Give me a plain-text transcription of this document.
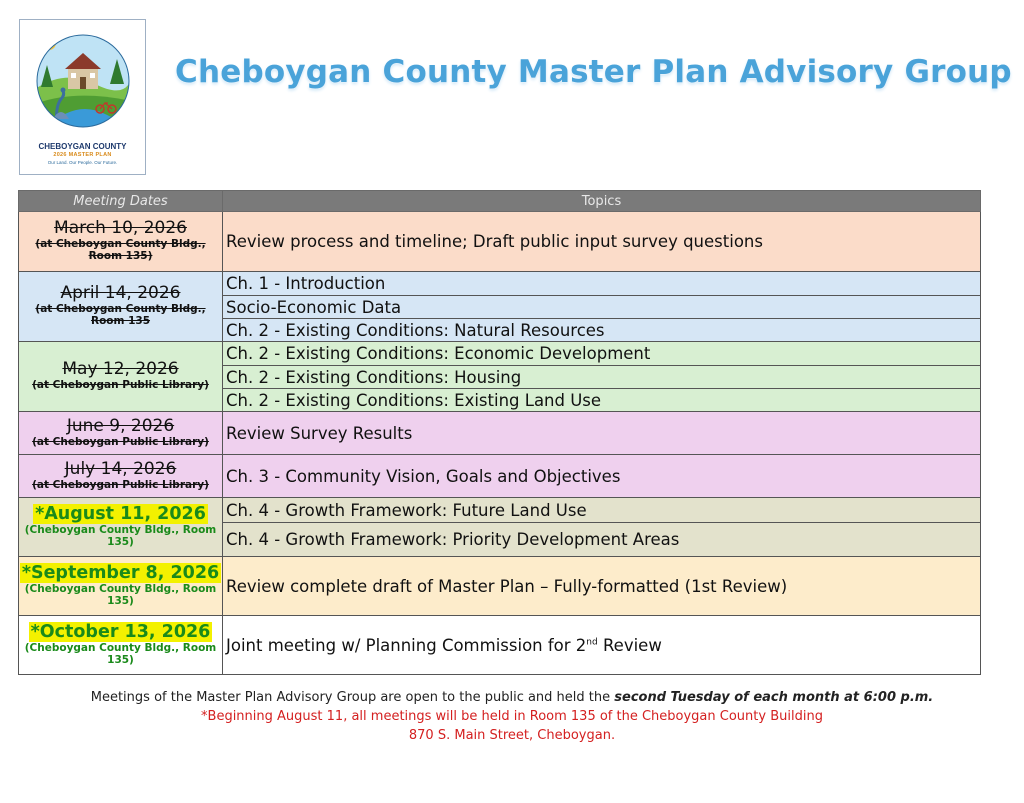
CHEBOYGAN COUNTY
2026 MASTER PLAN
Our Land. Our People. Our Future.
Cheboygan County Master Plan Advisory Group
Meeting Dates	Topics

March 10, 2026
(at Cheboygan County Bldg., Room 135)	Review process and timeline; Draft public input survey questions

April 14, 2026
(at Cheboygan County Bldg., Room 135	Ch. 1 - Introduction
	Socio-Economic Data
	Ch. 2 - Existing Conditions: Natural Resources

May 12, 2026
(at Cheboygan Public Library)	Ch. 2 - Existing Conditions: Economic Development
	Ch. 2 - Existing Conditions: Housing
	Ch. 2 - Existing Conditions: Existing Land Use

June 9, 2026
(at Cheboygan Public Library)	Review Survey Results

July 14, 2026
(at Cheboygan Public Library)	Ch. 3 - Community Vision, Goals and Objectives

*August 11, 2026
(Cheboygan County Bldg., Room 135)	Ch. 4 - Growth Framework: Future Land Use
	Ch. 4 - Growth Framework: Priority Development Areas

*September 8, 2026
(Cheboygan County Bldg., Room 135)	Review complete draft of Master Plan – Fully-formatted (1st Review)

*October 13, 2026
(Cheboygan County Bldg., Room 135)	Joint meeting w/ Planning Commission for 2nd Review
Meetings of the Master Plan Advisory Group are open to the public and held the second Tuesday of each month at 6:00 p.m.
*Beginning August 11, all meetings will be held in Room 135 of the Cheboygan County Building
870 S. Main Street, Cheboygan.
